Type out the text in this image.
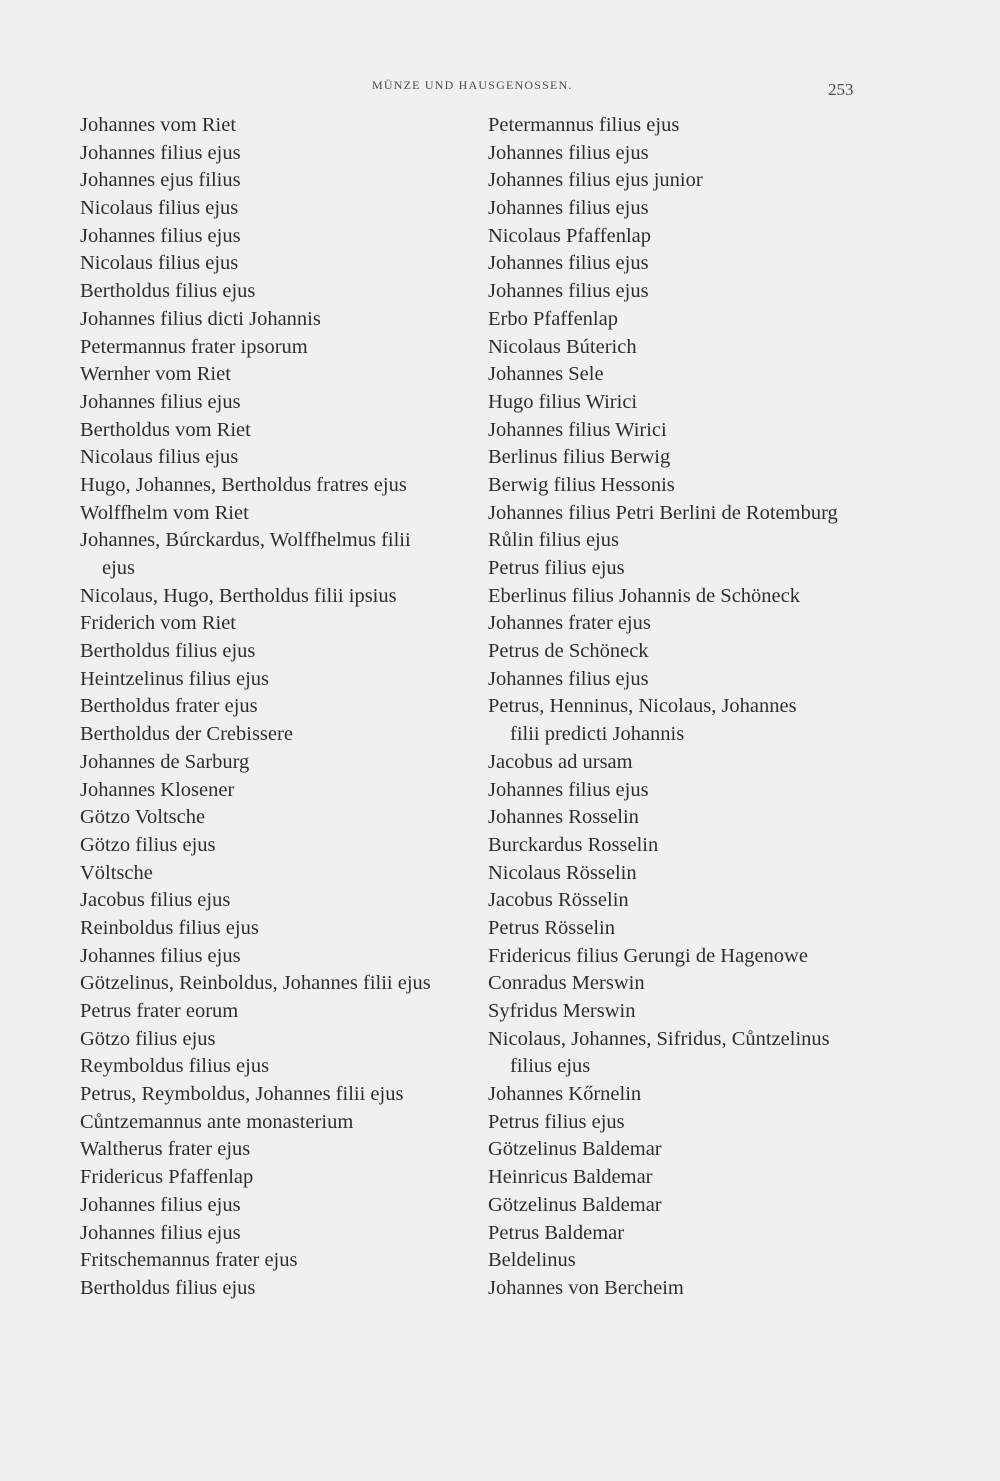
MÜNZE UND HAUSGENOSSEN.	253
Johannes vom Riet
Johannes filius ejus
Johannes ejus filius
Nicolaus filius ejus
Johannes filius ejus
Nicolaus filius ejus
Bertholdus filius ejus
Johannes filius dicti Johannis
Petermannus frater ipsorum
Wernher vom Riet
Johannes filius ejus
Bertholdus vom Riet
Nicolaus filius ejus
Hugo, Johannes, Bertholdus fratres ejus
Wolffhelm vom Riet
Johannes, Búrckardus, Wolffhelmus filii
ejus
Nicolaus, Hugo, Bertholdus filii ipsius
Friderich vom Riet
Bertholdus filius ejus
Heintzelinus filius ejus
Bertholdus frater ejus
Bertholdus der Crebissere
Johannes de Sarburg
Johannes Klosener
Götzo Voltsche
Götzo filius ejus
Völtsche
Jacobus filius ejus
Reinboldus filius ejus
Johannes filius ejus
Götzelinus, Reinboldus, Johannes filii ejus
Petrus frater eorum
Götzo filius ejus
Reymboldus filius ejus
Petrus, Reymboldus, Johannes filii ejus
Cůntzemannus ante monasterium
Waltherus frater ejus
Fridericus Pfaffenlap
Johannes filius ejus
Johannes filius ejus
Fritschemannus frater ejus
Bertholdus filius ejus
Petermannus filius ejus
Johannes filius ejus
Johannes filius ejus junior
Johannes filius ejus
Nicolaus Pfaffenlap
Johannes filius ejus
Johannes filius ejus
Erbo Pfaffenlap
Nicolaus Búterich
Johannes Sele
Hugo filius Wirici
Johannes filius Wirici
Berlinus filius Berwig
Berwig filius Hessonis
Johannes filius Petri Berlini de Rotemburg
Růlin filius ejus
Petrus filius ejus
Eberlinus filius Johannis de Schöneck
Johannes frater ejus
Petrus de Schöneck
Johannes filius ejus
Petrus, Henninus, Nicolaus, Johannes
filii predicti Johannis
Jacobus ad ursam
Johannes filius ejus
Johannes Rosselin
Burckardus Rosselin
Nicolaus Rösselin
Jacobus Rösselin
Petrus Rösselin
Fridericus filius Gerungi de Hagenowe
Conradus Merswin
Syfridus Merswin
Nicolaus, Johannes, Sifridus, Cůntzelinus
filius ejus
Johannes Kőrnelin
Petrus filius ejus
Götzelinus Baldemar
Heinricus Baldemar
Götzelinus Baldemar
Petrus Baldemar
Beldelinus
Johannes von Bercheim
